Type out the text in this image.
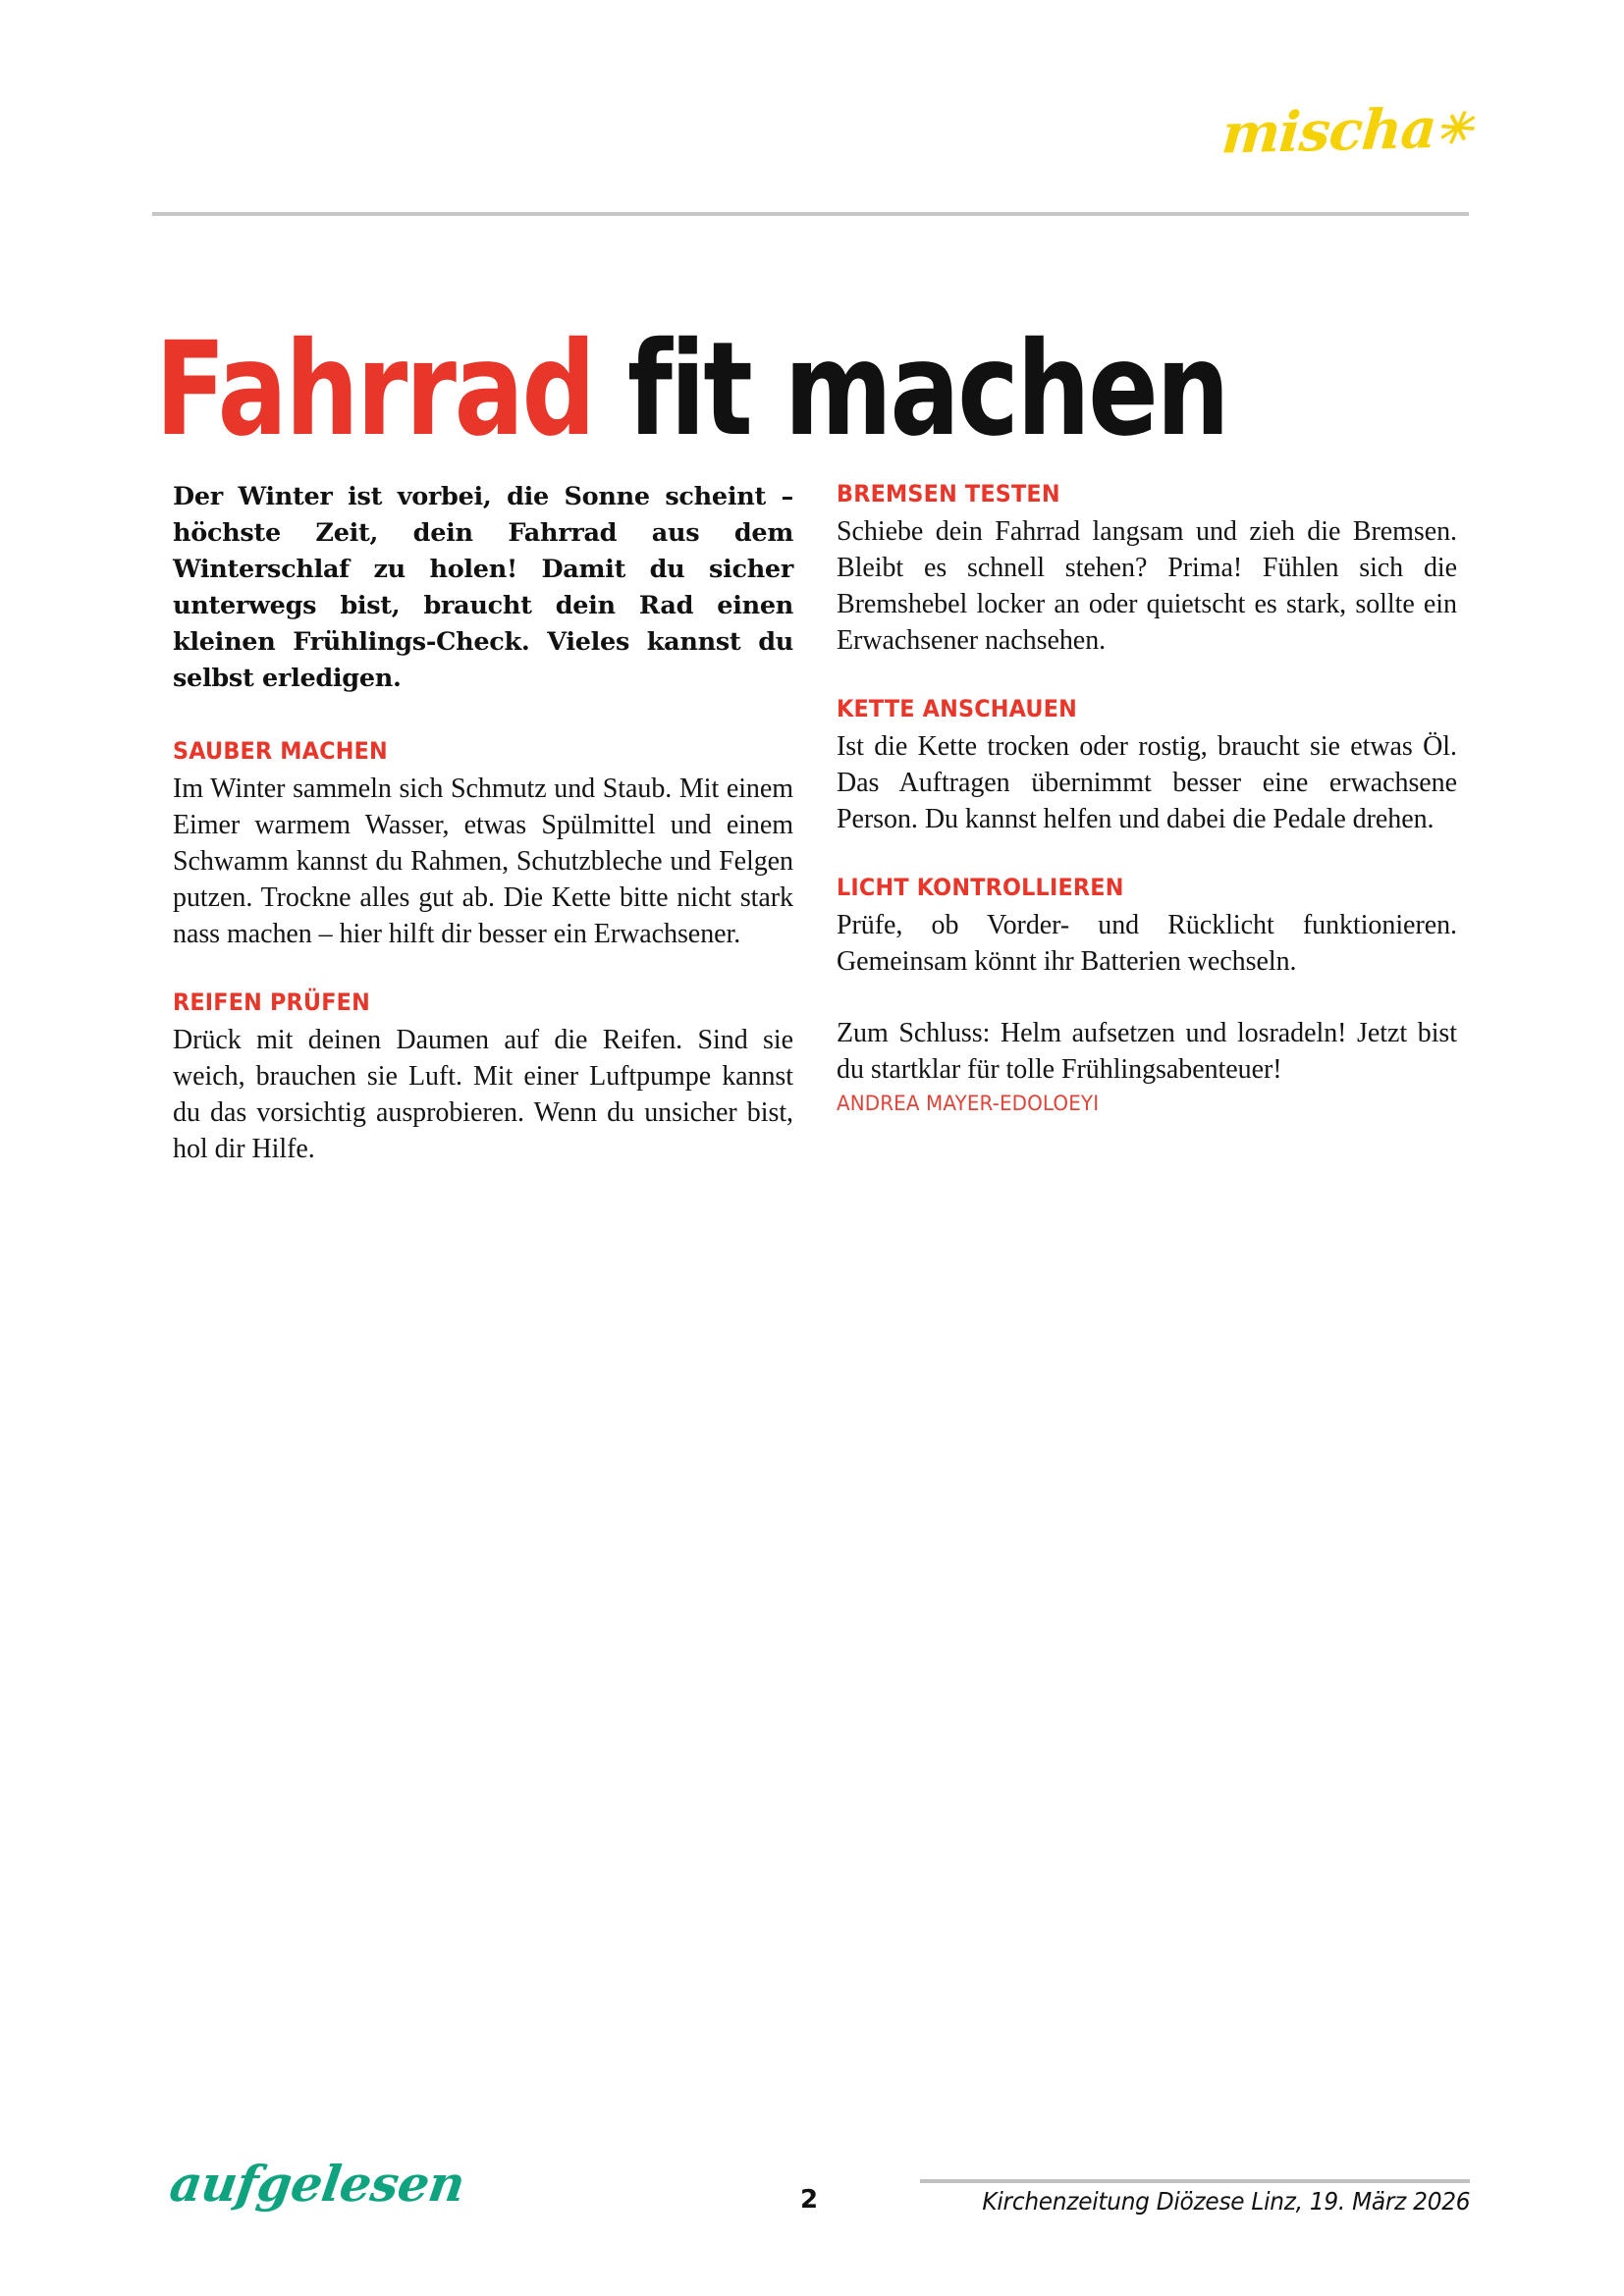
mischa✳
Fahrrad fit machen

Der Winter ist vorbei, die Sonne scheint – höchste Zeit, dein Fahrrad aus dem Winterschlaf zu holen! Damit du sicher unterwegs bist, braucht dein Rad einen kleinen Frühlings-Check. Vieles kannst du selbst erledigen.

SAUBER MACHEN

Im Winter sammeln sich Schmutz und Staub. Mit einem Eimer warmem Wasser, etwas Spülmittel und einem Schwamm kannst du Rahmen, Schutzbleche und Felgen putzen. Trockne alles gut ab. Die Kette bitte nicht stark nass machen – hier hilft dir besser ein Erwachsener.

REIFEN PRÜFEN

Drück mit deinen Daumen auf die Reifen. Sind sie weich, brauchen sie Luft. Mit einer Luftpumpe kannst du das vorsichtig ausprobieren. Wenn du unsicher bist, hol dir Hilfe.

BREMSEN TESTEN

Schiebe dein Fahrrad langsam und zieh die Bremsen. Bleibt es schnell stehen? Prima! Fühlen sich die Bremshebel locker an oder quietscht es stark, sollte ein Erwachsener nachsehen.

KETTE ANSCHAUEN

Ist die Kette trocken oder rostig, braucht sie etwas Öl. Das Auftragen übernimmt besser eine erwachsene Person. Du kannst helfen und dabei die Pedale drehen.

LICHT KONTROLLIEREN

Prüfe, ob Vorder- und Rücklicht funktionieren. Gemeinsam könnt ihr Batterien wechseln.

Zum Schluss: Helm aufsetzen und losradeln! Jetzt bist du startklar für tolle Frühlingsabenteuer!

ANDREA MAYER-EDOLOEYI

aufgelesen	2	Kirchenzeitung Diözese Linz, 19. März 2026
